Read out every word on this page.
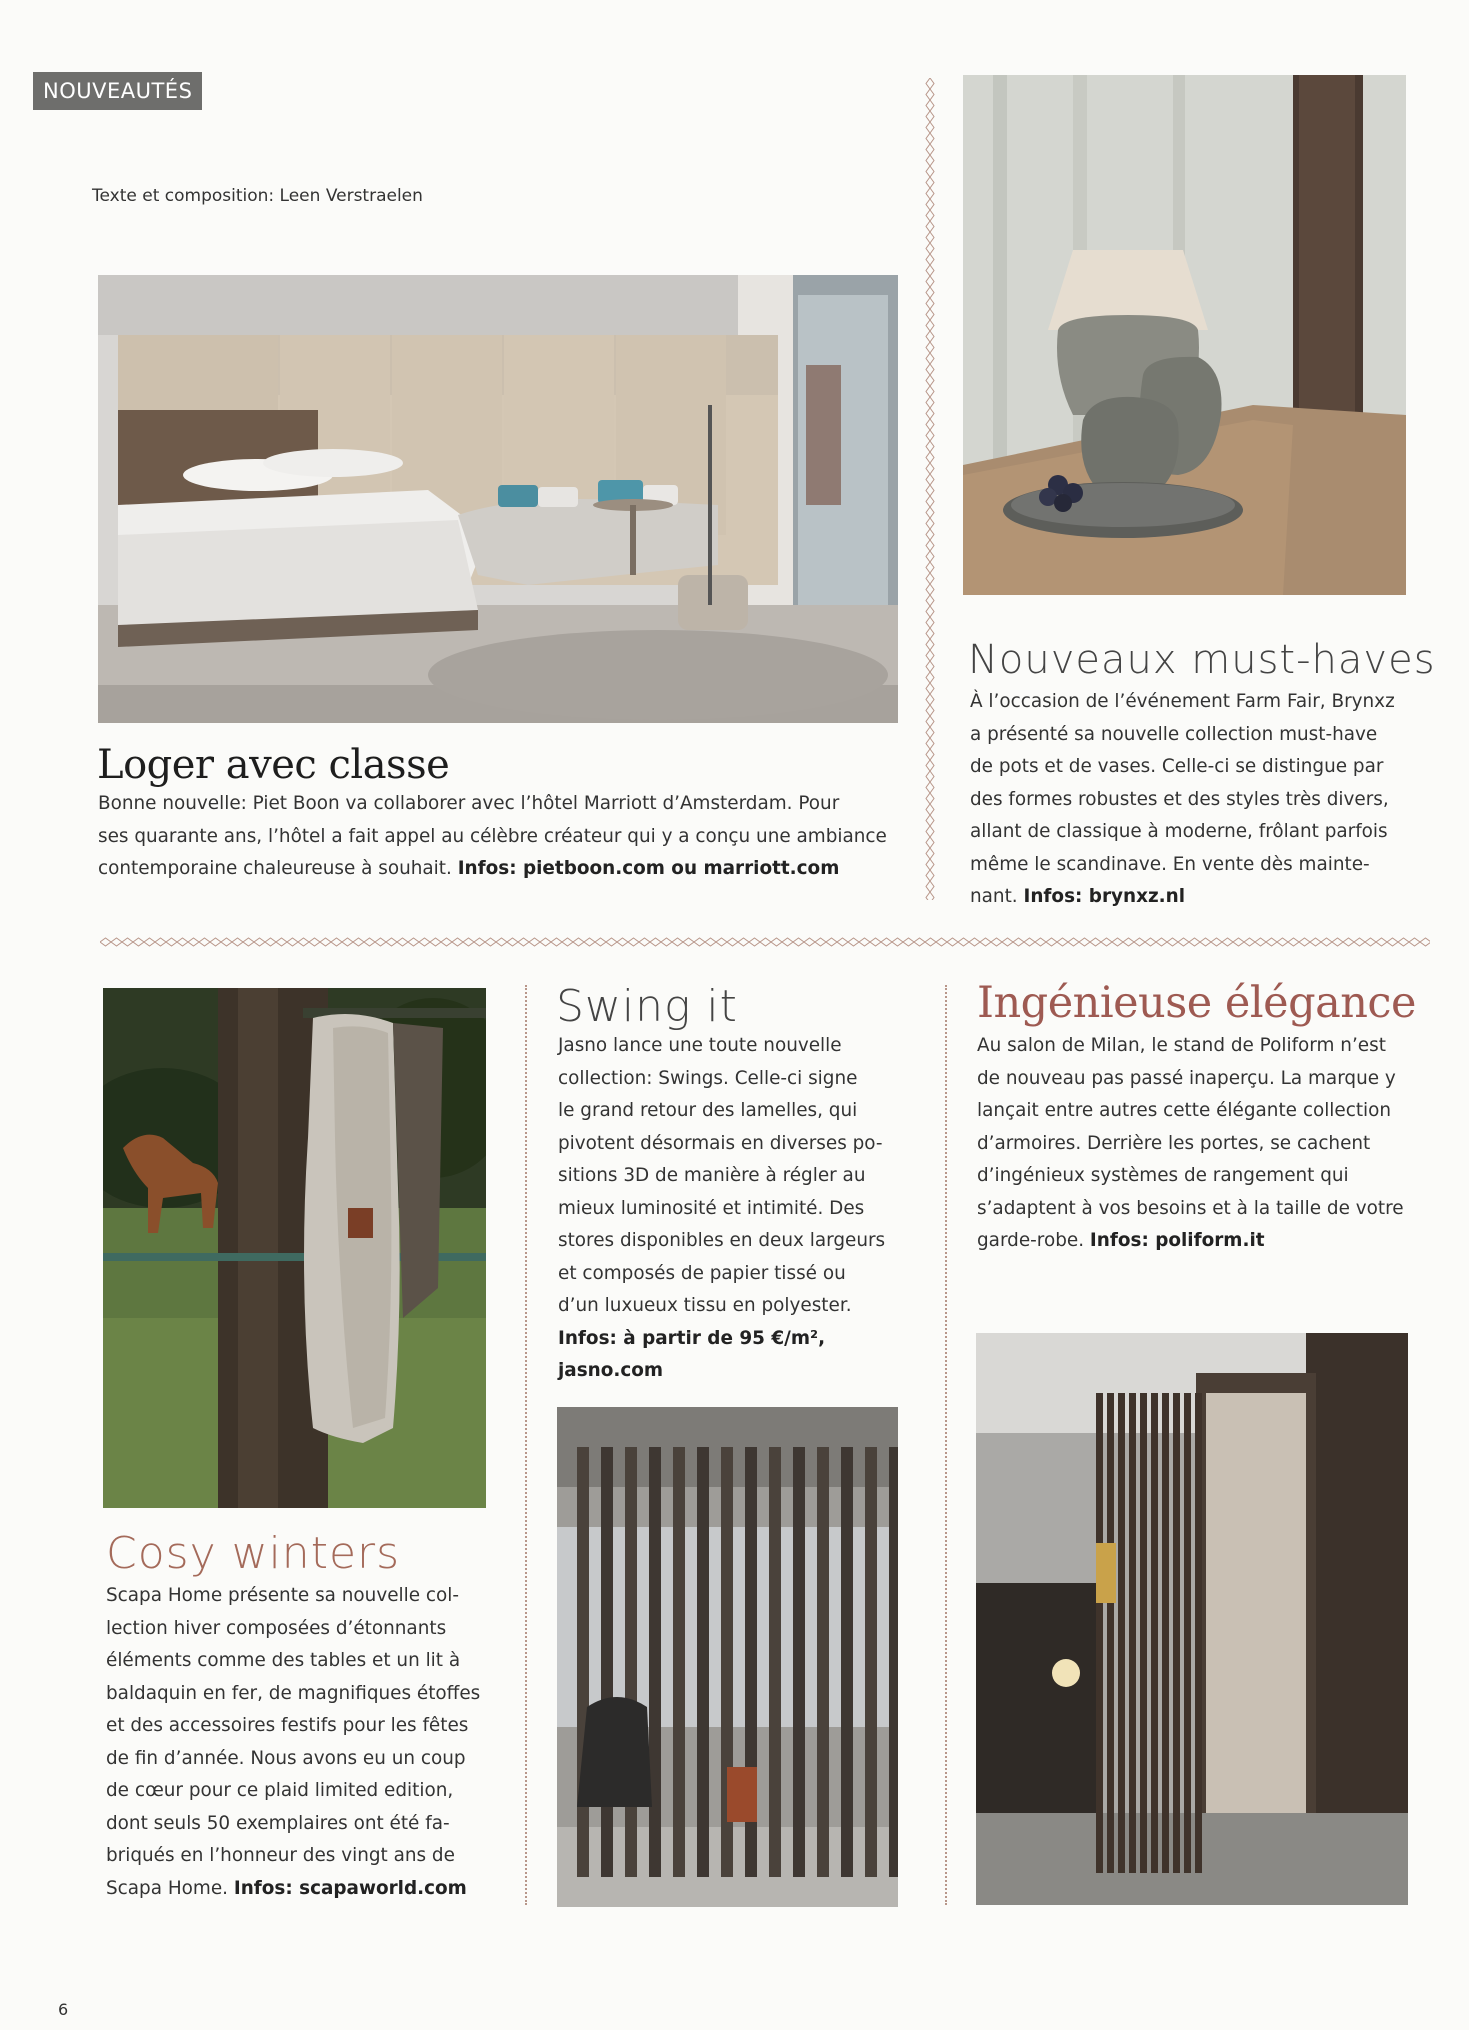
NOUVEAUTÉS
Texte et composition: Leen Verstraelen
Loger avec classe
Bonne nouvelle: Piet Boon va collaborer avec l’hôtel Marriott d’Amsterdam. Pour
ses quarante ans, l’hôtel a fait appel au célèbre créateur qui y a conçu une ambiance
contemporaine chaleureuse à souhait. Infos: pietboon.com ou marriott.com
Nouveaux must-haves
À l’occasion de l’événement Farm Fair, Brynxz
a présenté sa nouvelle collection must-have
de pots et de vases. Celle-ci se distingue par
des formes robustes et des styles très divers,
allant de classique à moderne, frôlant parfois
même le scandinave. En vente dès mainte-
nant. Infos: brynxz.nl
Cosy winters
Scapa Home présente sa nouvelle col-
lection hiver composées d’étonnants
éléments comme des tables et un lit à
baldaquin en fer, de magnifiques étoffes
et des accessoires festifs pour les fêtes
de fin d’année. Nous avons eu un coup
de cœur pour ce plaid limited edition,
dont seuls 50 exemplaires ont été fa-
briqués en l’honneur des vingt ans de
Scapa Home. Infos: scapaworld.com
Swing it
Jasno lance une toute nouvelle
collection: Swings. Celle-ci signe
le grand retour des lamelles, qui
pivotent désormais en diverses po-
sitions 3D de manière à régler au
mieux luminosité et intimité. Des
stores disponibles en deux largeurs
et composés de papier tissé ou
d’un luxueux tissu en polyester.
Infos: à partir de 95 €/m²,
jasno.com
Ingénieuse élégance
Au salon de Milan, le stand de Poliform n’est
de nouveau pas passé inaperçu. La marque y
lançait entre autres cette élégante collection
d’armoires. Derrière les portes, se cachent
d’ingénieux systèmes de rangement qui
s’adaptent à vos besoins et à la taille de votre
garde-robe. Infos: poliform.it
6
